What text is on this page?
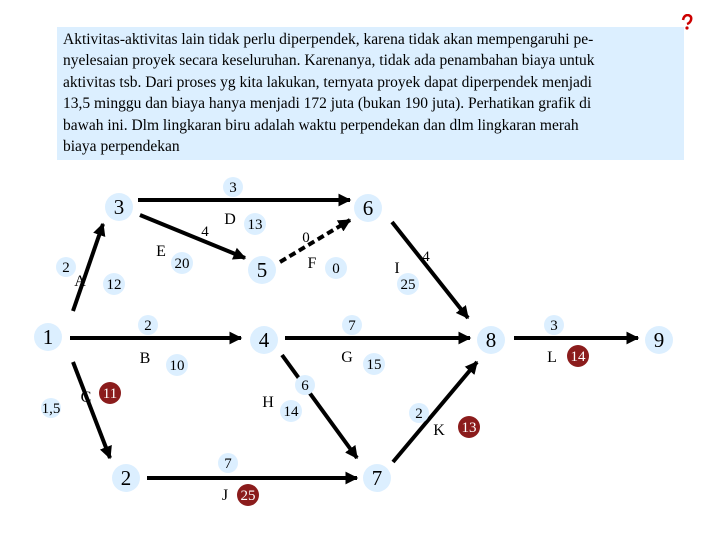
Aktivitas-aktivitas lain tidak perlu diperpendek, karena tidak akan mempengaruhi pe-
nyelesaian proyek secara keseluruhan. Karenanya, tidak ada penambahan biaya untuk
aktivitas tsb. Dari proses yg kita lakukan, ternyata proyek dapat diperpendek menjadi
13,5 minggu dan biaya hanya menjadi 172 juta (bukan 190 juta). Perhatikan grafik di
bawah ini. Dlm lingkaran biru adalah waktu perpendekan dan dlm lingkaran merah
biaya perpendekan
1
2
3
4
5
6
7
8	9
2
A 12
2
B 10
1,5
C 11
3
D 13
4
E
20
0
F 0
7
G 15
6
H
14
4
I
25
7
J 25
2
K 13
3
L 14
